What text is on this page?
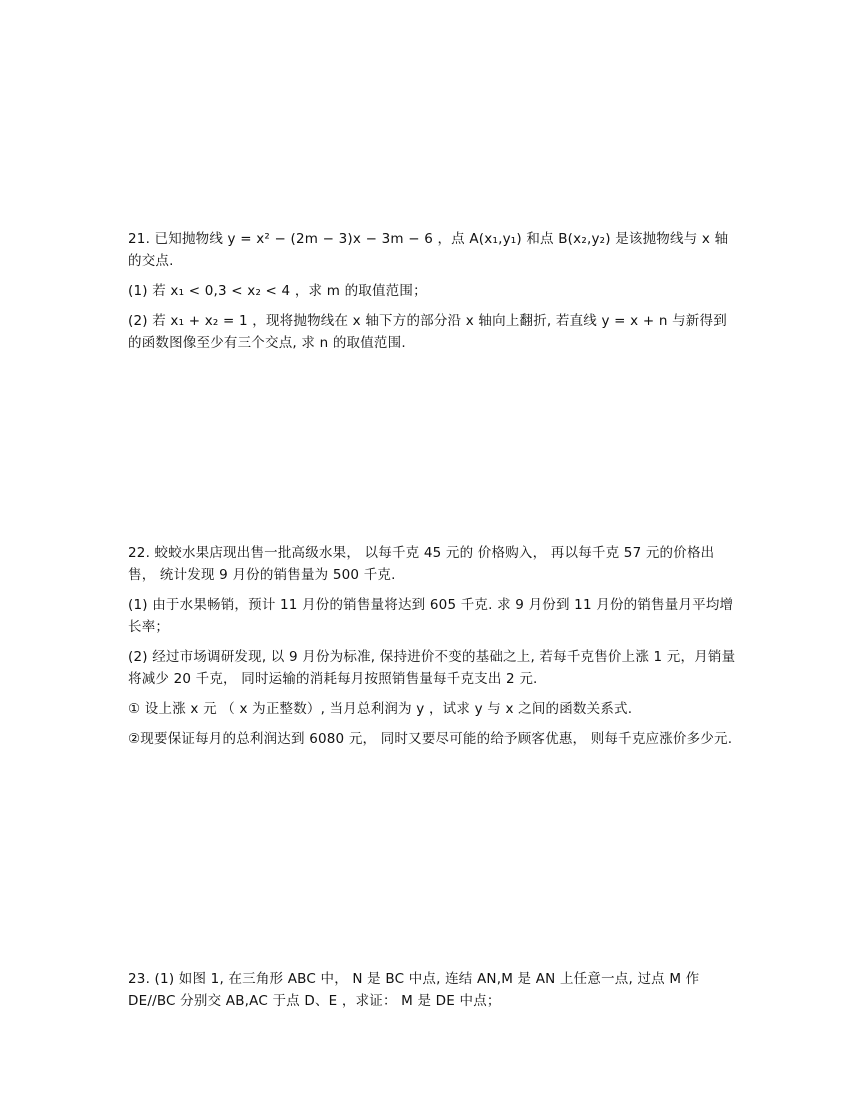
21. 已知抛物线 y = x² − (2m − 3)x − 3m − 6 ，点 A(x₁,y₁) 和点 B(x₂,y₂) 是该抛物线与 x 轴的交点.

(1) 若 x₁ < 0,3 < x₂ < 4 ，求 m 的取值范围；

(2) 若 x₁ + x₂ = 1 ，现将抛物线在 x 轴下方的部分沿 x 轴向上翻折, 若直线 y = x + n 与新得到的函数图像至少有三个交点, 求 n 的取值范围.

22. 蛟蛟水果店现出售一批高级水果， 以每千克 45 元的 价格购入， 再以每千克 57 元的价格出售， 统计发现 9 月份的销售量为 500 千克.

(1) 由于水果畅销，预计 11 月份的销售量将达到 605 千克. 求 9 月份到 11 月份的销售量月平均增长率；

(2) 经过市场调研发现, 以 9 月份为标准, 保持进价不变的基础之上, 若每千克售价上涨 1 元，月销量将减少 20 千克， 同时运输的消耗每月按照销售量每千克支出 2 元.

① 设上涨 x 元 （ x 为正整数）, 当月总利润为 y ，试求 y 与 x 之间的函数关系式.

②现要保证每月的总利润达到 6080 元， 同时又要尽可能的给予顾客优惠， 则每千克应涨价多少元.

23. (1) 如图 1, 在三角形 ABC 中， N 是 BC 中点, 连结 AN,M 是 AN 上任意一点, 过点 M 作 DE//BC 分别交 AB,AC 于点 D、E ，求证： M 是 DE 中点；
